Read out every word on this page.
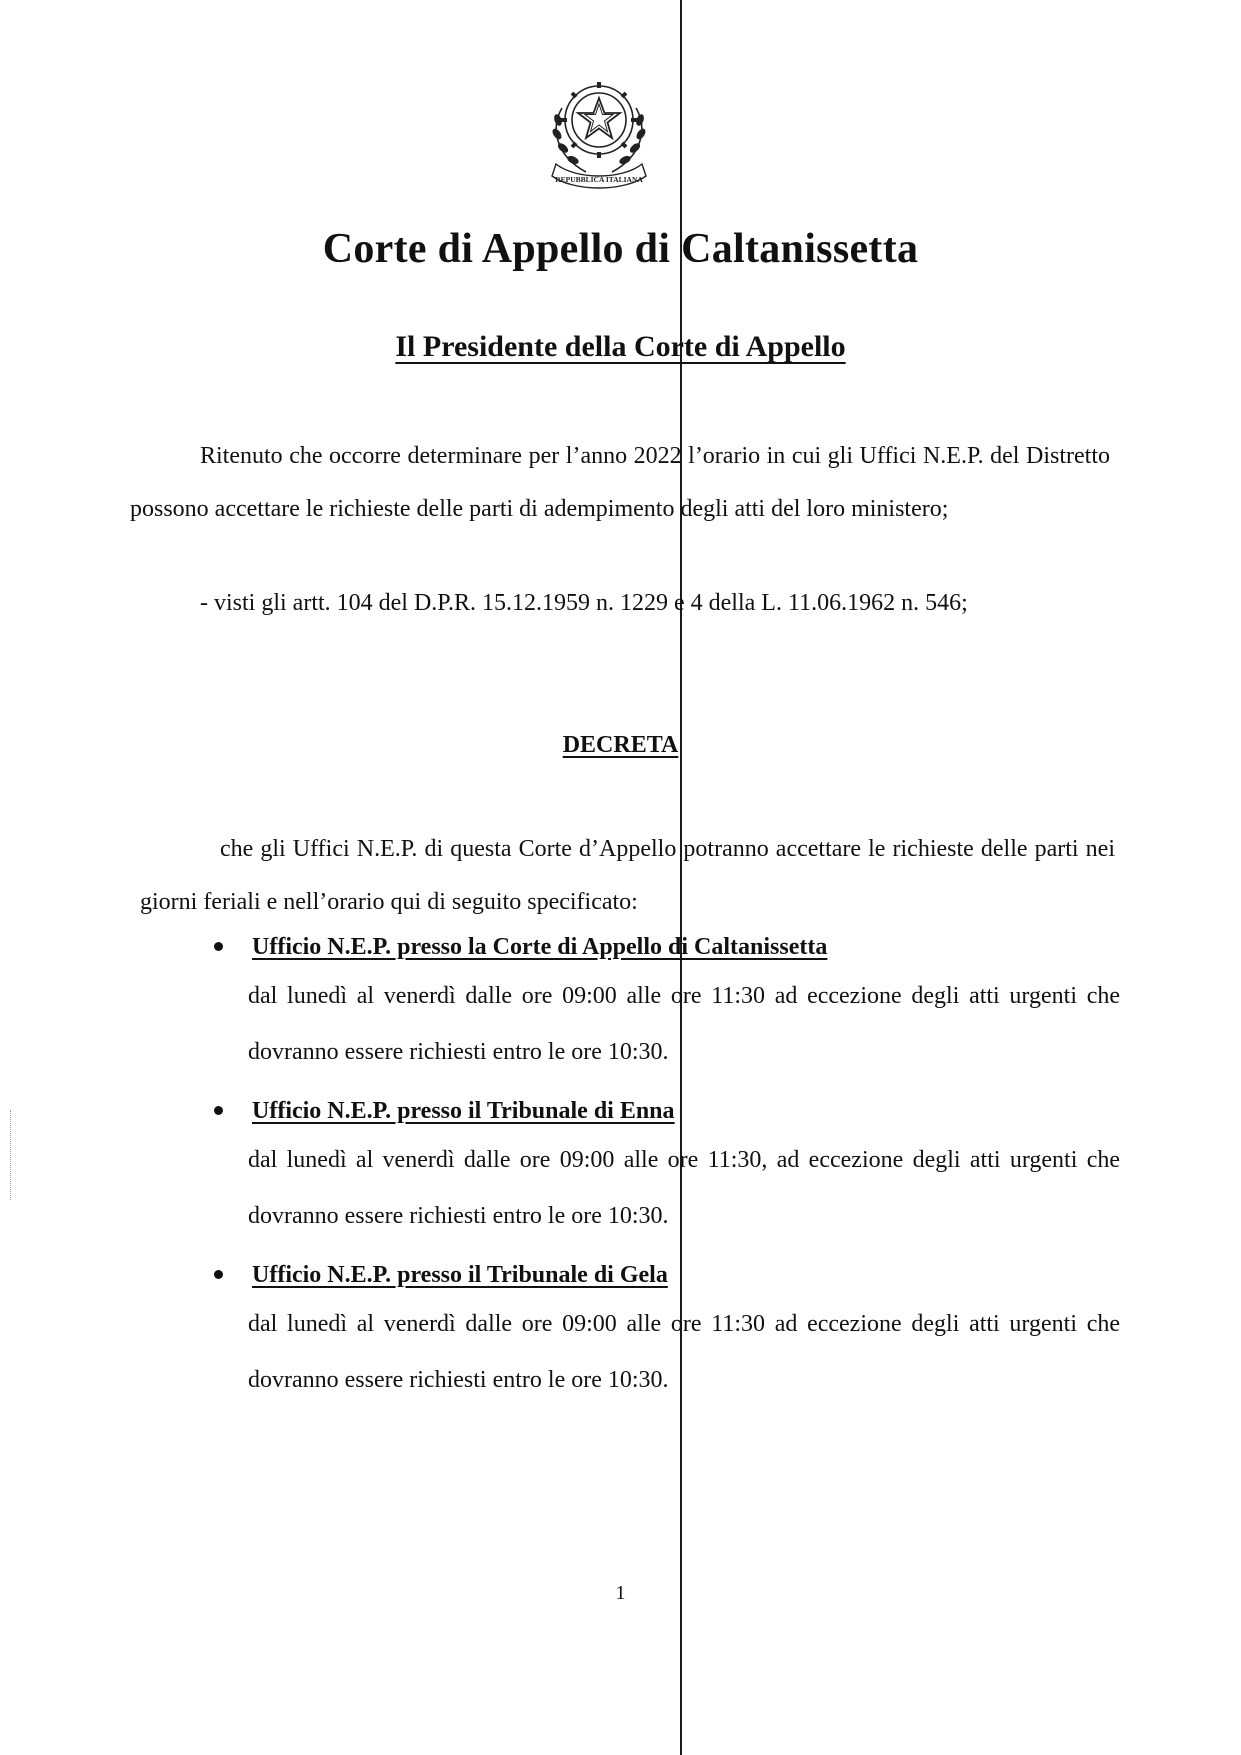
REPUBBLICA ITALIANA
Corte di Appello di Caltanissetta
Il Presidente della Corte di Appello

Ritenuto che occorre determinare per l’anno 2022 l’orario in cui gli Uffici N.E.P. del Distretto possono accettare le richieste delle parti di adempimento degli atti del loro ministero;

- visti gli artt. 104 del D.P.R. 15.12.1959 n. 1229 e 4 della L. 11.06.1962 n. 546;

DECRETA

che gli Uffici N.E.P. di questa Corte d’Appello potranno accettare le richieste delle parti nei giorni feriali e nell’orario qui di seguito specificato:

Ufficio N.E.P. presso la Corte di Appello di Caltanissetta
dal lunedì al venerdì dalle ore 09:00 alle ore 11:30 ad eccezione degli atti urgenti che dovranno essere richiesti entro le ore 10:30.
Ufficio N.E.P. presso il Tribunale di Enna
dal lunedì al venerdì dalle ore 09:00 alle ore 11:30, ad eccezione degli atti urgenti che dovranno essere richiesti entro le ore 10:30.
Ufficio N.E.P. presso il Tribunale di Gela
dal lunedì al venerdì dalle ore 09:00 alle ore 11:30 ad eccezione degli atti urgenti che dovranno essere richiesti entro le ore 10:30.

1
